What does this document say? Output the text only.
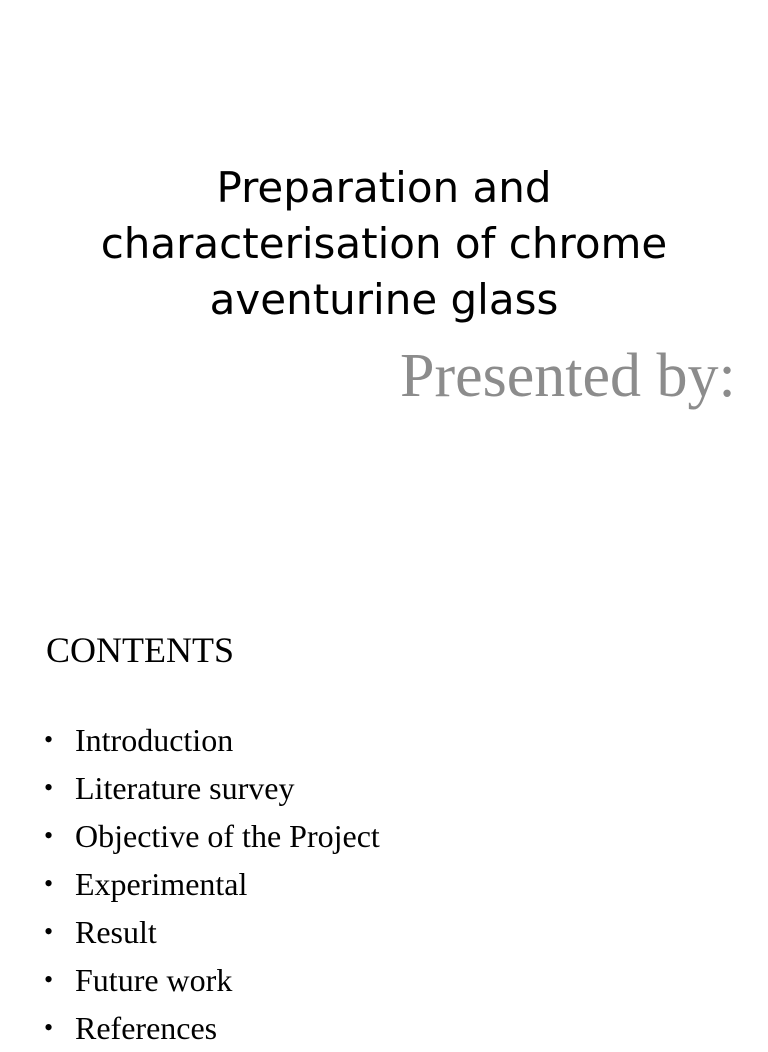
Preparation and
characterisation of chrome
aventurine glass
Presented by:
CONTENTS
• Introduction
• Literature survey
• Objective of the Project
• Experimental
• Result
• Future work
• References
